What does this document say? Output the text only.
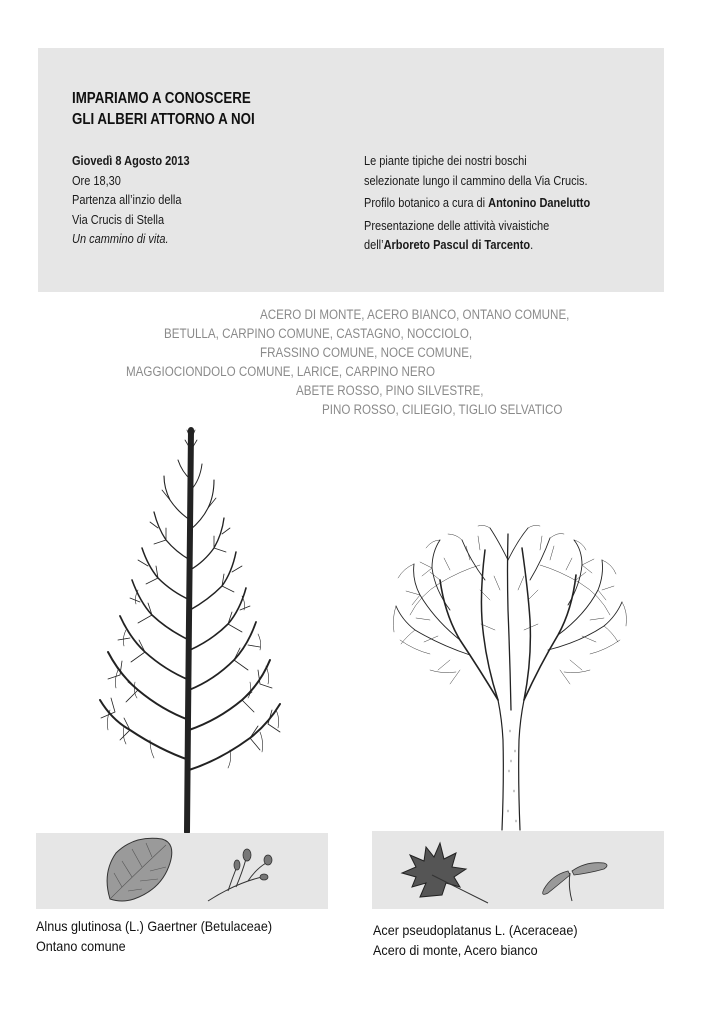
IMPARIAMO A CONOSCERE
GLI ALBERI ATTORNO A NOI
Giovedì 8 Agosto 2013
Ore 18,30
Partenza all’inzio della
Via Crucis di Stella
Un cammino di vita.
Le piante tipiche dei nostri boschi
selezionate lungo il cammino della Via Crucis.
Profilo botanico a cura di Antonino Danelutto
Presentazione delle attività vivaistiche
dell’Arboreto Pascul di Tarcento.
ACERO DI MONTE, ACERO BIANCO, ONTANO COMUNE,
BETULLA, CARPINO COMUNE, CASTAGNO, NOCCIOLO,
FRASSINO COMUNE, NOCE COMUNE,
MAGGIOCIONDOLO COMUNE, LARICE, CARPINO NERO
ABETE ROSSO, PINO SILVESTRE,
PINO ROSSO, CILIEGIO, TIGLIO SELVATICO
Alnus glutinosa (L.) Gaertner (Betulaceae)
Ontano comune
Acer pseudoplatanus L. (Aceraceae)
Acero di monte, Acero bianco
